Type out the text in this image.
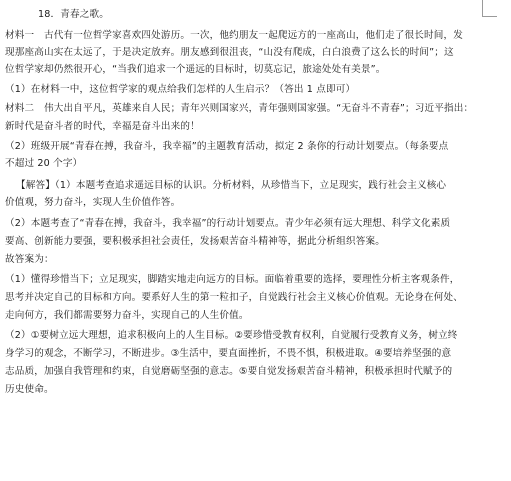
18．青春之歌。
材料一　古代有一位哲学家喜欢四处游历。一次，他约朋友一起爬远方的一座高山，他们走了很长时间，发
现那座高山实在太远了，于是决定放弃。朋友感到很沮丧，“山没有爬成，白白浪费了这么长的时间”；这
位哲学家却仍然很开心，“当我们追求一个遥远的目标时，切莫忘记，旅途处处有美景”。
（1）在材料一中，这位哲学家的观点给我们怎样的人生启示？（答出 1 点即可）
材料二　伟大出自平凡，英雄来自人民；青年兴则国家兴，青年强则国家强。“无奋斗不青春”；习近平指出：
新时代是奋斗者的时代，幸福是奋斗出来的！
（2）班级开展“青春在搏，我奋斗，我幸福”的主题教育活动，拟定 2 条你的行动计划要点。（每条要点
不超过 20 个字）
【解答】（1）本题考查追求遥远目标的认识。分析材料，从珍惜当下，立足现实，践行社会主义核心
价值观，努力奋斗，实现人生价值作答。
（2）本题考查了“青春在搏，我奋斗，我幸福”的行动计划要点。青少年必须有远大理想、科学文化素质
要高、创新能力要强，要积极承担社会责任，发扬艰苦奋斗精神等，据此分析组织答案。
故答案为：
（1）懂得珍惜当下；立足现实，脚踏实地走向远方的目标。面临着重要的选择，要理性分析主客观条件，
思考并决定自己的目标和方向。要系好人生的第一粒扣子，自觉践行社会主义核心价值观。无论身在何处、
走向何方，我们都需要努力奋斗，实现自己的人生价值。
（2）①要树立远大理想，追求积极向上的人生目标。②要珍惜受教育权利，自觉履行受教育义务，树立终
身学习的观念，不断学习，不断进步。③生活中，要直面挫折，不畏不惧，积极进取。④要培养坚强的意
志品质，加强自我管理和约束，自觉磨砺坚强的意志。⑤要自觉发扬艰苦奋斗精神，积极承担时代赋予的
历史使命。
